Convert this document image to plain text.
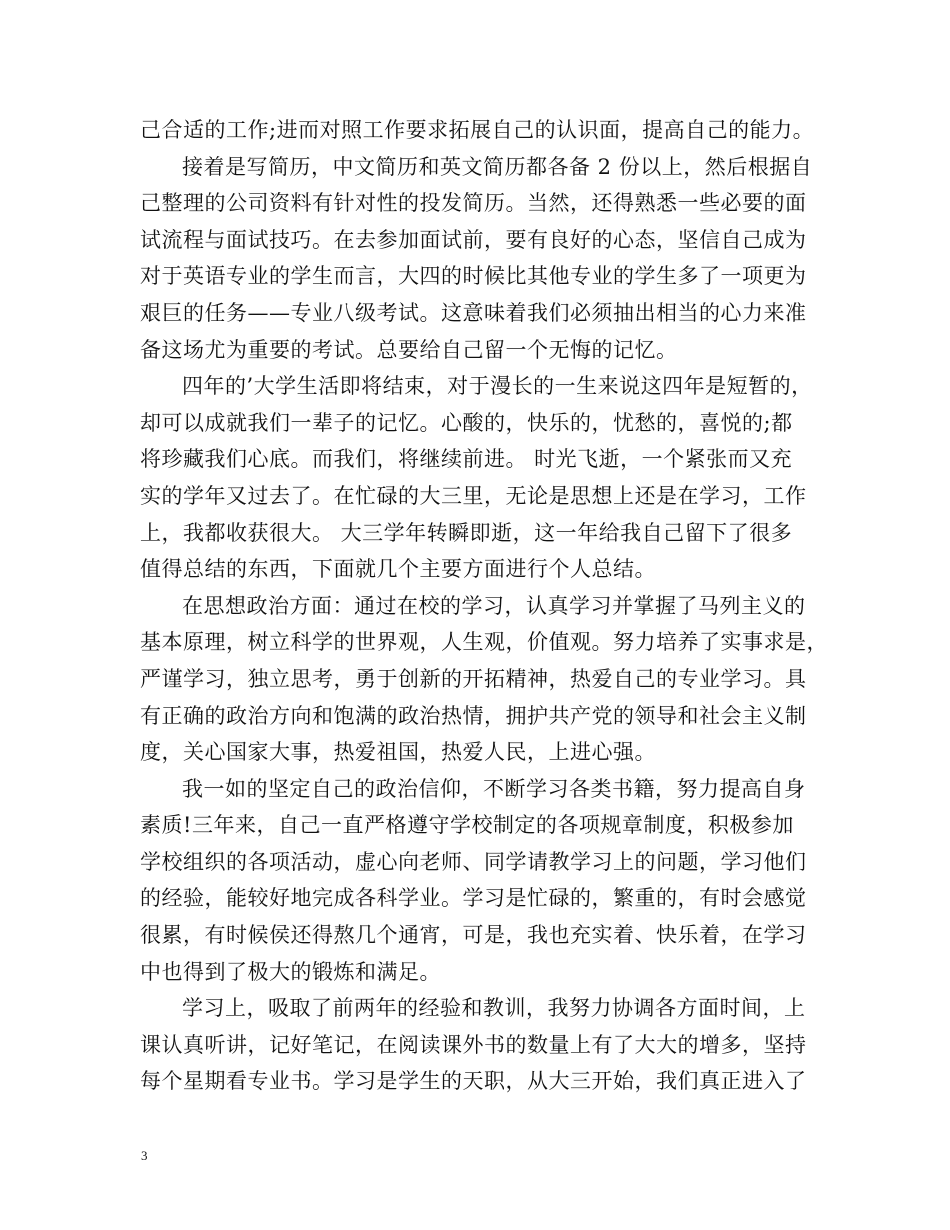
己合适的工作;进而对照工作要求拓展自己的认识面，提高自己的能力。
接着是写简历，中文简历和英文简历都各备 2 份以上，然后根据自
己整理的公司资料有针对性的投发简历。当然，还得熟悉一些必要的面
试流程与面试技巧。在去参加面试前，要有良好的心态，坚信自己成为
对于英语专业的学生而言，大四的时候比其他专业的学生多了一项更为
艰巨的任务——专业八级考试。这意味着我们必须抽出相当的心力来准
备这场尤为重要的考试。总要给自己留一个无悔的记忆。
四年的’大学生活即将结束，对于漫长的一生来说这四年是短暂的，
却可以成就我们一辈子的记忆。心酸的，快乐的，忧愁的，喜悦的;都
将珍藏我们心底。而我们，将继续前进。 时光飞逝，一个紧张而又充
实的学年又过去了。在忙碌的大三里，无论是思想上还是在学习，工作
上，我都收获很大。 大三学年转瞬即逝，这一年给我自己留下了很多
值得总结的东西，下面就几个主要方面进行个人总结。
在思想政治方面：通过在校的学习，认真学习并掌握了马列主义的
基本原理，树立科学的世界观，人生观，价值观。努力培养了实事求是，
严谨学习，独立思考，勇于创新的开拓精神，热爱自己的专业学习。具
有正确的政治方向和饱满的政治热情，拥护共产党的领导和社会主义制
度，关心国家大事，热爱祖国，热爱人民，上进心强。
我一如的坚定自己的政治信仰，不断学习各类书籍，努力提高自身
素质!三年来，自己一直严格遵守学校制定的各项规章制度，积极参加
学校组织的各项活动，虚心向老师、同学请教学习上的问题，学习他们
的经验，能较好地完成各科学业。学习是忙碌的，繁重的，有时会感觉
很累，有时候侯还得熬几个通宵，可是，我也充实着、快乐着，在学习
中也得到了极大的锻炼和满足。
学习上，吸取了前两年的经验和教训，我努力协调各方面时间，上
课认真听讲，记好笔记，在阅读课外书的数量上有了大大的增多，坚持
每个星期看专业书。学习是学生的天职，从大三开始，我们真正进入了
3
